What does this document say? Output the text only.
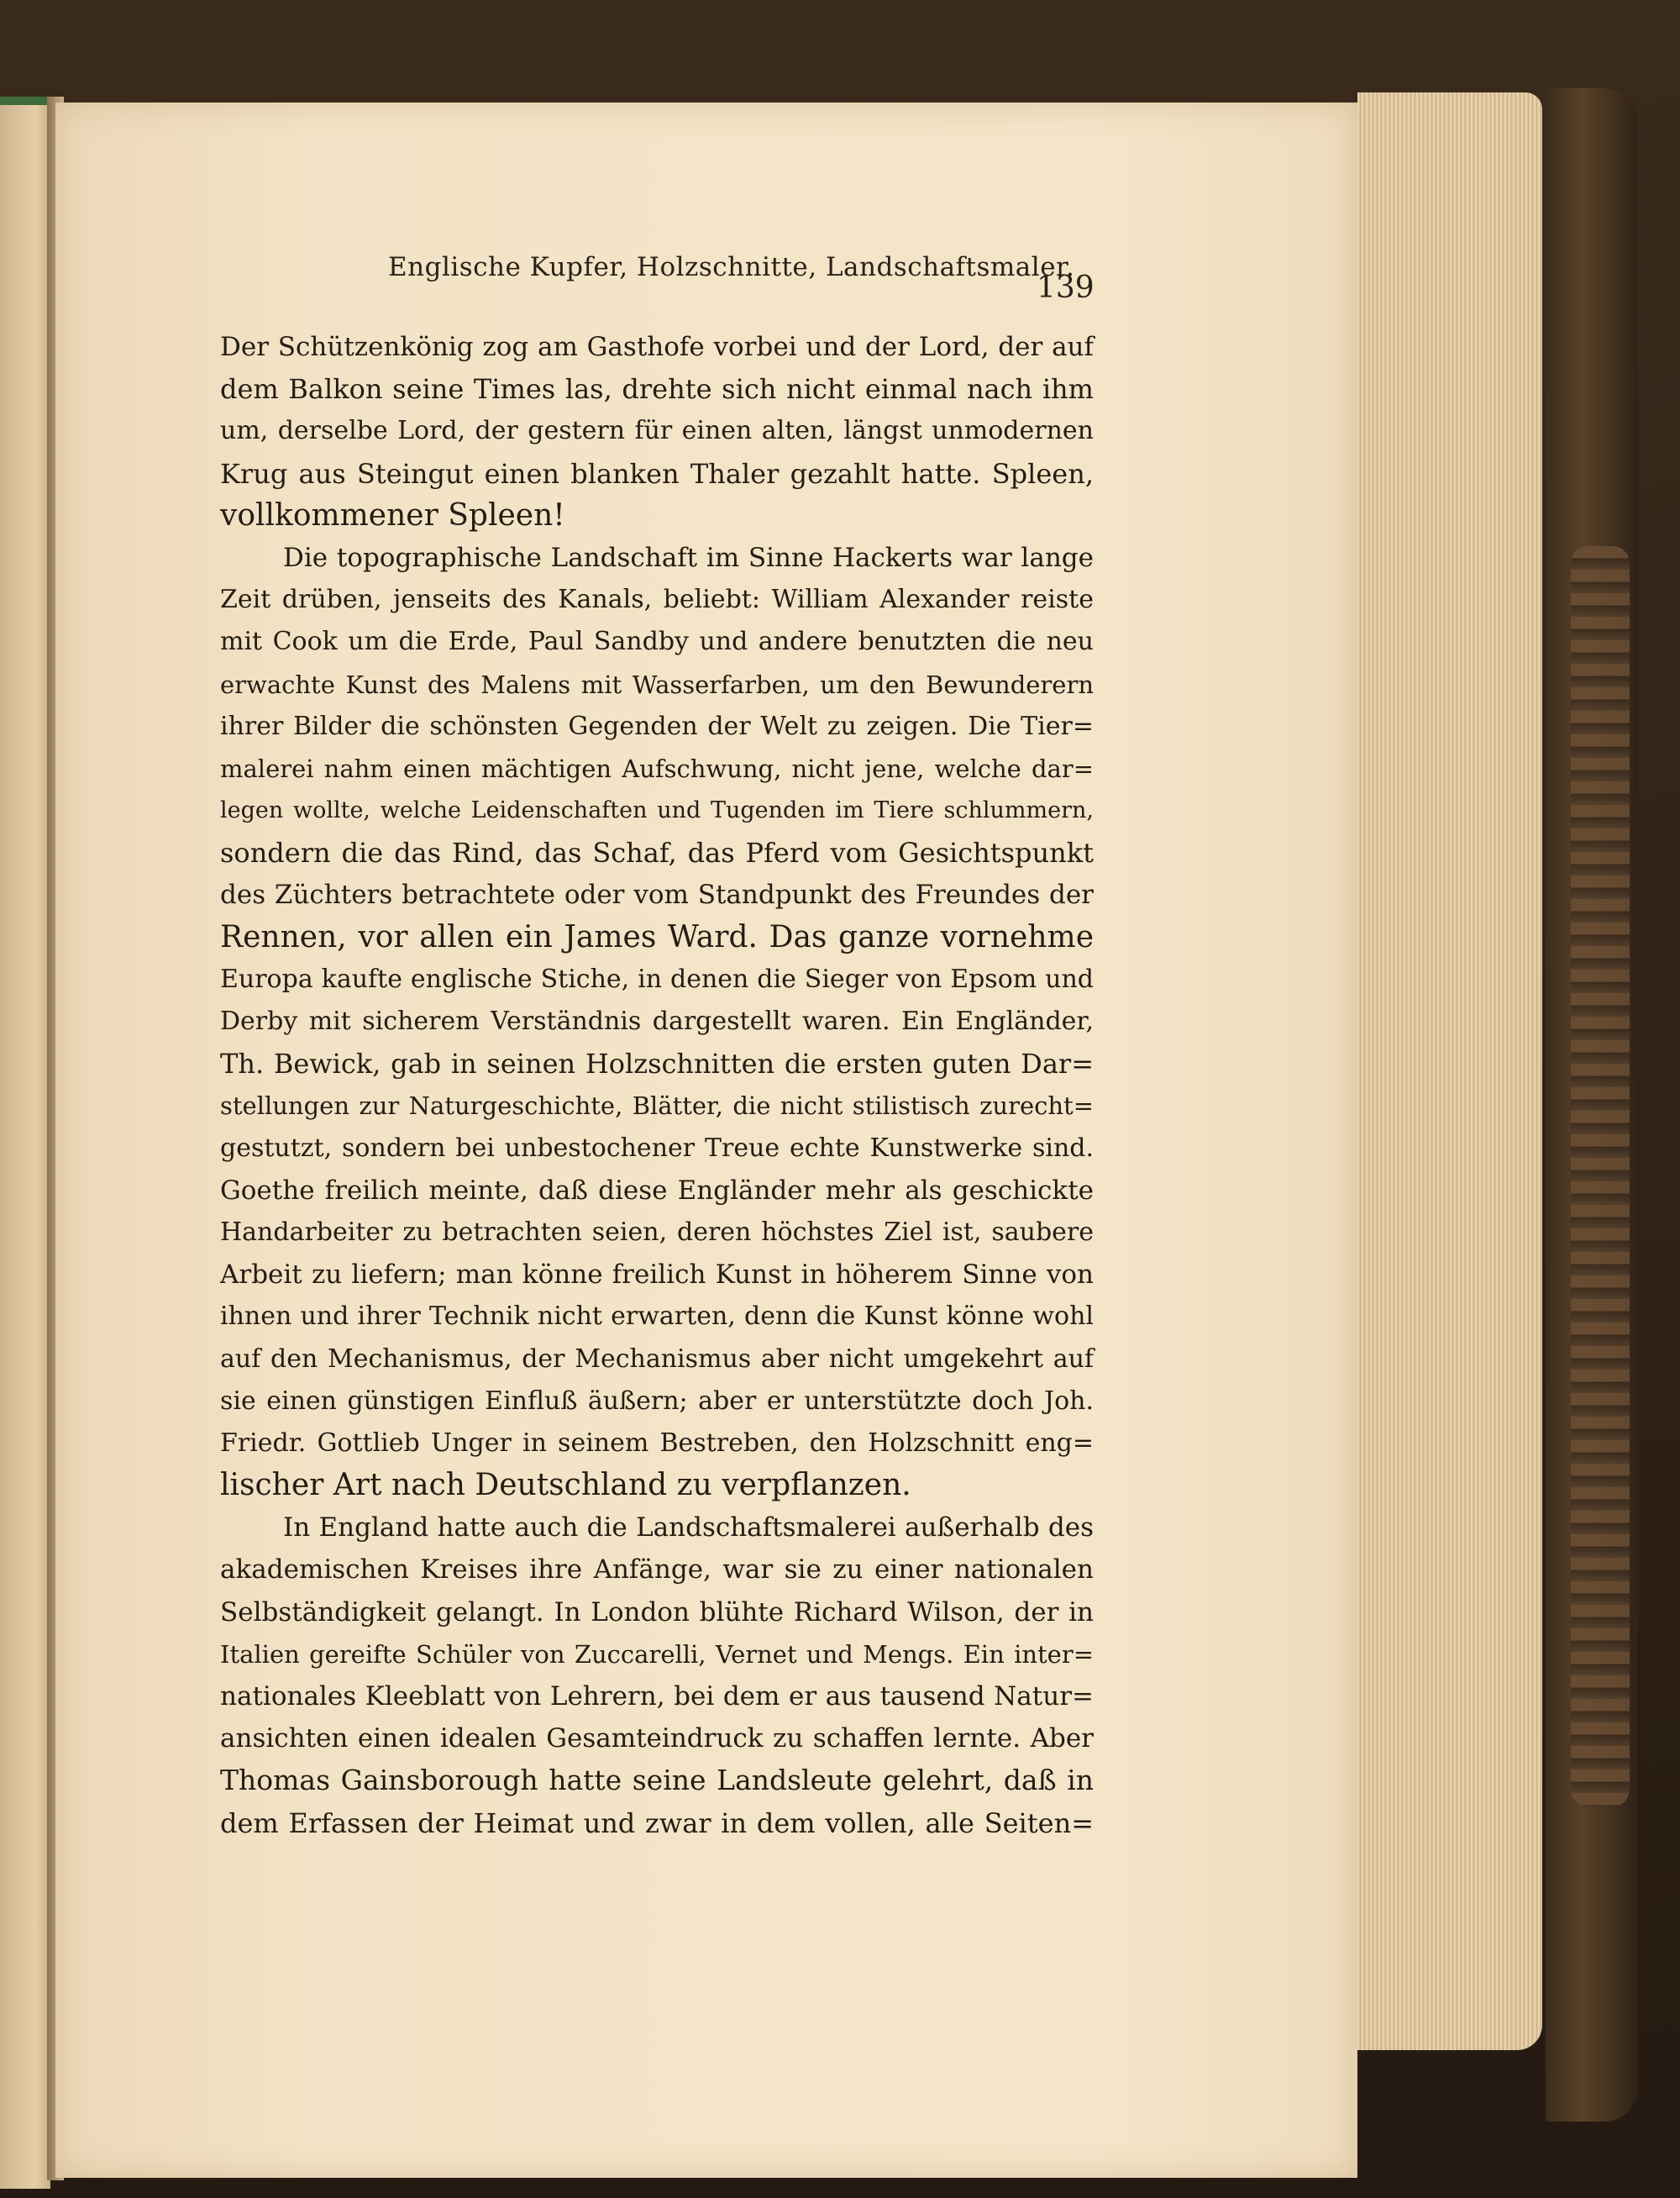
Englische Kupfer, Holzschnitte, Landschaftsmaler.
139
Der Schützenkönig zog am Gasthofe vorbei und der Lord, der auf
dem Balkon seine Times las, drehte sich nicht einmal nach ihm
um, derselbe Lord, der gestern für einen alten, längst unmodernen
Krug aus Steingut einen blanken Thaler gezahlt hatte. Spleen,
vollkommener Spleen!
Die topographische Landschaft im Sinne Hackerts war lange
Zeit drüben, jenseits des Kanals, beliebt: William Alexander reiste
mit Cook um die Erde, Paul Sandby und andere benutzten die neu
erwachte Kunst des Malens mit Wasserfarben, um den Bewunderern
ihrer Bilder die schönsten Gegenden der Welt zu zeigen. Die Tier=
malerei nahm einen mächtigen Aufschwung, nicht jene, welche dar=
legen wollte, welche Leidenschaften und Tugenden im Tiere schlummern,
sondern die das Rind, das Schaf, das Pferd vom Gesichtspunkt
des Züchters betrachtete oder vom Standpunkt des Freundes der
Rennen, vor allen ein James Ward. Das ganze vornehme
Europa kaufte englische Stiche, in denen die Sieger von Epsom und
Derby mit sicherem Verständnis dargestellt waren. Ein Engländer,
Th. Bewick, gab in seinen Holzschnitten die ersten guten Dar=
stellungen zur Naturgeschichte, Blätter, die nicht stilistisch zurecht=
gestutzt, sondern bei unbestochener Treue echte Kunstwerke sind.
Goethe freilich meinte, daß diese Engländer mehr als geschickte
Handarbeiter zu betrachten seien, deren höchstes Ziel ist, saubere
Arbeit zu liefern; man könne freilich Kunst in höherem Sinne von
ihnen und ihrer Technik nicht erwarten, denn die Kunst könne wohl
auf den Mechanismus, der Mechanismus aber nicht umgekehrt auf
sie einen günstigen Einfluß äußern; aber er unterstützte doch Joh.
Friedr. Gottlieb Unger in seinem Bestreben, den Holzschnitt eng=
lischer Art nach Deutschland zu verpflanzen.
In England hatte auch die Landschaftsmalerei außerhalb des
akademischen Kreises ihre Anfänge, war sie zu einer nationalen
Selbständigkeit gelangt. In London blühte Richard Wilson, der in
Italien gereifte Schüler von Zuccarelli, Vernet und Mengs. Ein inter=
nationales Kleeblatt von Lehrern, bei dem er aus tausend Natur=
ansichten einen idealen Gesamteindruck zu schaffen lernte. Aber
Thomas Gainsborough hatte seine Landsleute gelehrt, daß in
dem Erfassen der Heimat und zwar in dem vollen, alle Seiten=
